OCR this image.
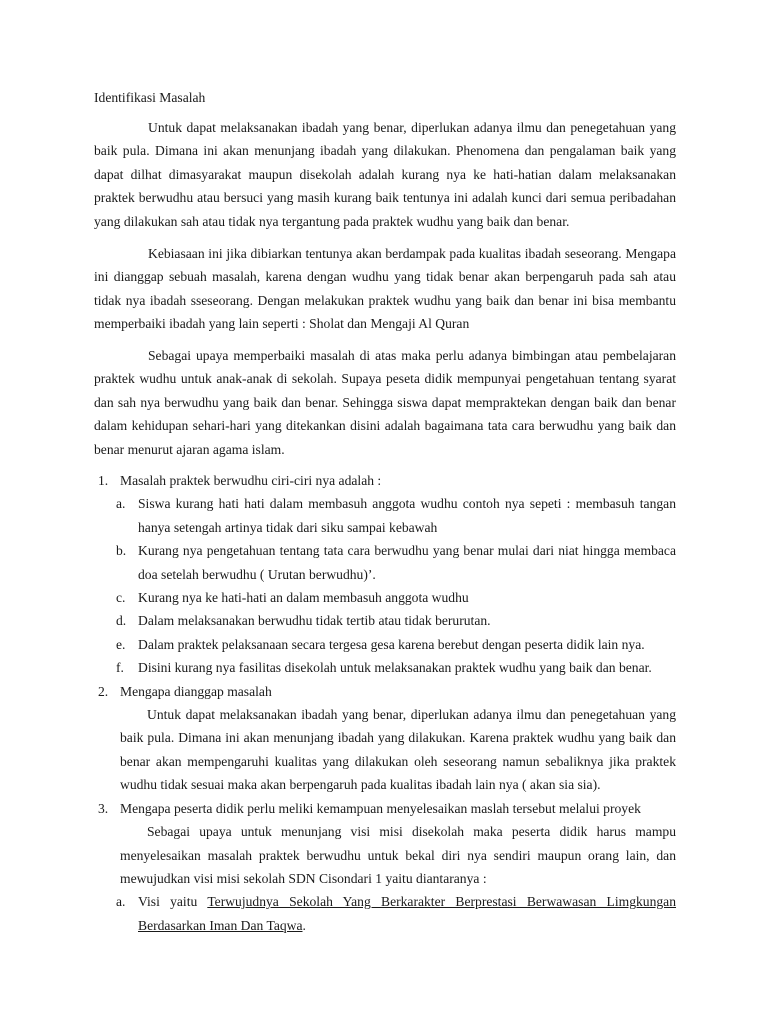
Identifikasi Masalah
Untuk dapat melaksanakan ibadah yang benar, diperlukan adanya ilmu dan penegetahuan yang baik pula. Dimana ini akan menunjang ibadah yang dilakukan. Phenomena dan pengalaman baik yang dapat dilhat dimasyarakat maupun disekolah adalah kurang nya ke hati-hatian dalam melaksanakan praktek berwudhu atau bersuci yang masih kurang baik tentunya ini adalah kunci dari semua peribadahan yang dilakukan sah atau tidak nya tergantung pada praktek wudhu yang baik dan benar.
Kebiasaan ini jika dibiarkan tentunya akan berdampak pada kualitas ibadah seseorang. Mengapa ini dianggap sebuah masalah, karena dengan wudhu yang tidak benar akan berpengaruh pada sah atau tidak nya ibadah sseseorang. Dengan melakukan praktek wudhu yang baik dan benar ini bisa membantu memperbaiki ibadah yang lain seperti : Sholat dan Mengaji Al Quran
Sebagai upaya memperbaiki masalah di atas maka perlu adanya bimbingan atau pembelajaran praktek wudhu untuk anak-anak di sekolah. Supaya peseta didik mempunyai pengetahuan tentang syarat dan sah nya berwudhu yang baik dan benar. Sehingga siswa dapat mempraktekan dengan baik dan benar dalam kehidupan sehari-hari yang ditekankan disini adalah bagaimana tata cara berwudhu yang baik dan benar menurut ajaran agama islam.
1. Masalah praktek berwudhu ciri-ciri nya adalah :
a. Siswa kurang hati hati dalam membasuh anggota wudhu contoh nya sepeti : membasuh tangan hanya setengah artinya tidak dari siku sampai kebawah
b. Kurang nya pengetahuan tentang tata cara berwudhu yang benar mulai dari niat hingga membaca doa setelah berwudhu ( Urutan berwudhu)’.
c. Kurang nya ke hati-hati an dalam membasuh anggota wudhu
d. Dalam melaksanakan berwudhu tidak tertib atau tidak berurutan.
e. Dalam praktek pelaksanaan secara tergesa gesa karena berebut dengan peserta didik lain nya.
f. Disini kurang nya fasilitas disekolah untuk melaksanakan praktek wudhu yang baik dan benar.
2. Mengapa dianggap masalah
Untuk dapat melaksanakan ibadah yang benar, diperlukan adanya ilmu dan penegetahuan yang baik pula. Dimana ini akan menunjang ibadah yang dilakukan. Karena praktek wudhu yang baik dan benar akan mempengaruhi kualitas yang dilakukan oleh seseorang namun sebaliknya jika praktek wudhu tidak sesuai maka akan berpengaruh pada kualitas ibadah lain nya ( akan sia sia).
3. Mengapa peserta didik perlu meliki kemampuan menyelesaikan maslah tersebut melalui proyek
Sebagai upaya untuk menunjang visi misi disekolah maka peserta didik harus mampu menyelesaikan masalah praktek berwudhu untuk bekal diri nya sendiri maupun orang lain, dan mewujudkan visi misi sekolah SDN Cisondari 1 yaitu diantaranya :
a. Visi yaitu Terwujudnya Sekolah Yang Berkarakter Berprestasi Berwawasan Limgkungan Berdasarkan Iman Dan Taqwa.
